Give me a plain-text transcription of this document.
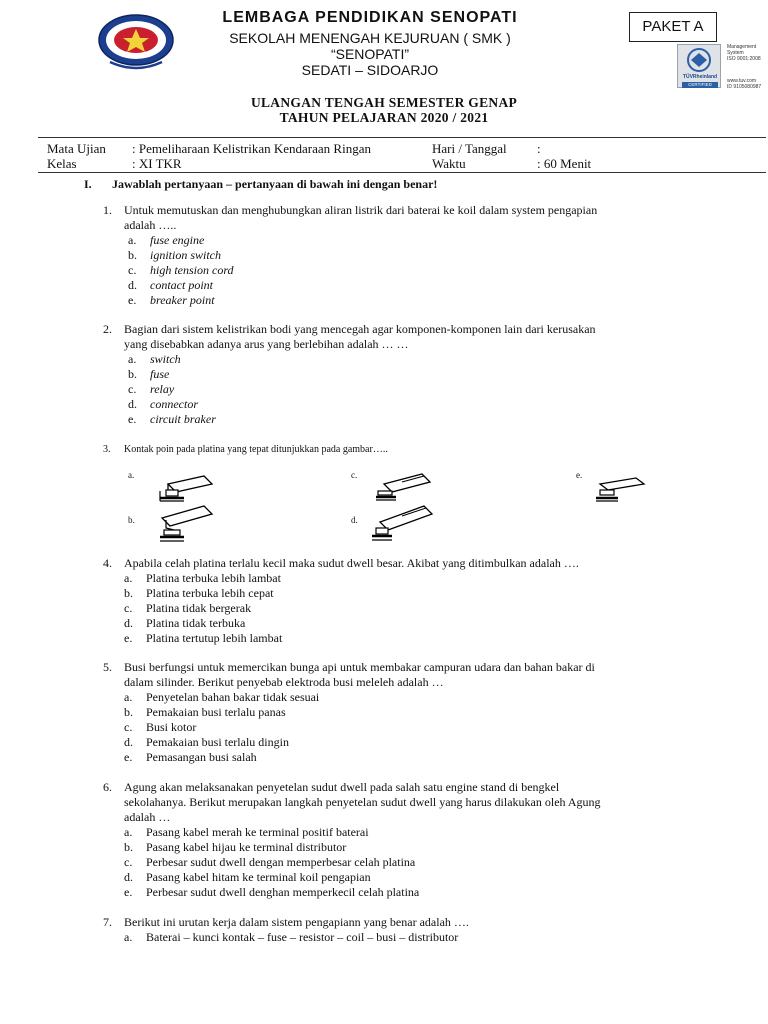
LEMBAGA PENDIDIKAN SENOPATI
SEKOLAH MENENGAH KEJURUAN ( SMK )
“SENOPATI”
SEDATI – SIDOARJO
PAKET A
TÜVRheinland
CERTIFIED
Management
System
ISO 9001:2008
www.tuv.com
ID 9105080987
ULANGAN TENGAH SEMESTER GENAP
TAHUN PELAJARAN 2020 / 2021
Mata Ujian : Pemeliharaan Kelistrikan Kendaraan Ringan	Hari / Tanggal :
Kelas	: XI TKR	Waktu	: 60 Menit
I. Jawablah pertanyaan – pertanyaan di bawah ini dengan benar!
1. Untuk memutuskan dan menghubungkan aliran listrik dari baterai ke koil dalam system pengapian
adalah …..
a. fuse engine
b. ignition switch
c. high tension cord
d. contact point
e. breaker point
2. Bagian dari sistem kelistrikan bodi yang mencegah agar komponen-komponen lain dari kerusakan
yang disebabkan adanya arus yang berlebihan adalah … …
a. switch
b. fuse
c. relay
d. connector
e. circuit braker
3. Kontak poin pada platina yang tepat ditunjukkan pada gambar…..
a.	c.	e.
b.	d.
4. Apabila celah platina terlalu kecil maka sudut dwell besar. Akibat yang ditimbulkan adalah ….
a. Platina terbuka lebih lambat
b. Platina terbuka lebih cepat
c. Platina tidak bergerak
d. Platina tidak terbuka
e. Platina tertutup lebih lambat
5. Busi berfungsi untuk memercikan bunga api untuk membakar campuran udara dan bahan bakar di
dalam silinder. Berikut penyebab elektroda busi meleleh adalah …
a. Penyetelan bahan bakar tidak sesuai
b. Pemakaian busi terlalu panas
c. Busi kotor
d. Pemakaian busi terlalu dingin
e. Pemasangan busi salah
6. Agung akan melaksanakan penyetelan sudut dwell pada salah satu engine stand di bengkel
sekolahanya. Berikut merupakan langkah penyetelan sudut dwell yang harus dilakukan oleh Agung
adalah …
a. Pasang kabel merah ke terminal positif baterai
b. Pasang kabel hijau ke terminal distributor
c. Perbesar sudut dwell dengan memperbesar celah platina
d. Pasang kabel hitam ke terminal koil pengapian
e. Perbesar sudut dwell denghan memperkecil celah platina
7. Berikut ini urutan kerja dalam sistem pengapiann yang benar adalah ….
a. Baterai – kunci kontak – fuse – resistor – coil – busi – distributor
